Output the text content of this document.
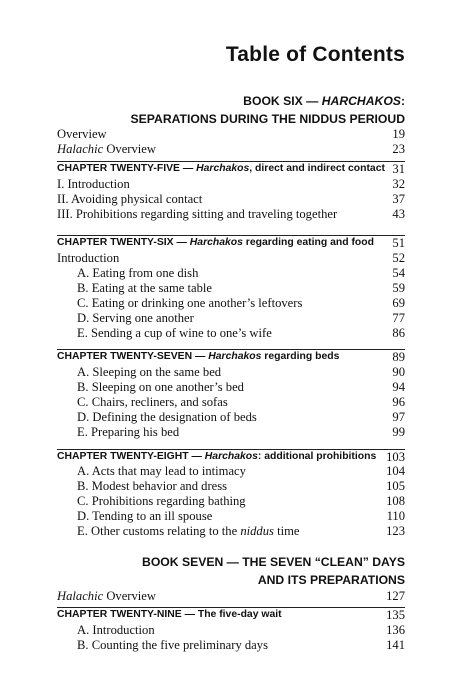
Table of Contents
BOOK SIX — HARCHAKOS:
SEPARATIONS DURING THE NIDDUS PERIOUD
Overview	19
Halachic Overview	23
CHAPTER TWENTY-FIVE — Harchakos, direct and indirect contact 31
I. Introduction	32
II. Avoiding physical contact	37
III. Prohibitions regarding sitting and traveling together	43
CHAPTER TWENTY-SIX — Harchakos regarding eating and food 51
Introduction	52
A. Eating from one dish	54
B. Eating at the same table	59
C. Eating or drinking one another’s leftovers	69
D. Serving one another	77
E. Sending a cup of wine to one’s wife	86
CHAPTER TWENTY-SEVEN — Harchakos regarding beds	89
A. Sleeping on the same bed	90
B. Sleeping on one another’s bed	94
C. Chairs, recliners, and sofas	96
D. Defining the designation of beds	97
E. Preparing his bed	99
CHAPTER TWENTY-EIGHT — Harchakos: additional prohibitions 103
A. Acts that may lead to intimacy	104
B. Modest behavior and dress	105
C. Prohibitions regarding bathing	108
D. Tending to an ill spouse	110
E. Other customs relating to the niddus time	123
BOOK SEVEN — THE SEVEN “CLEAN” DAYS
AND ITS PREPARATIONS
Halachic Overview	127
CHAPTER TWENTY-NINE — The five-day wait	135
A. Introduction	136
B. Counting the five preliminary days	141
